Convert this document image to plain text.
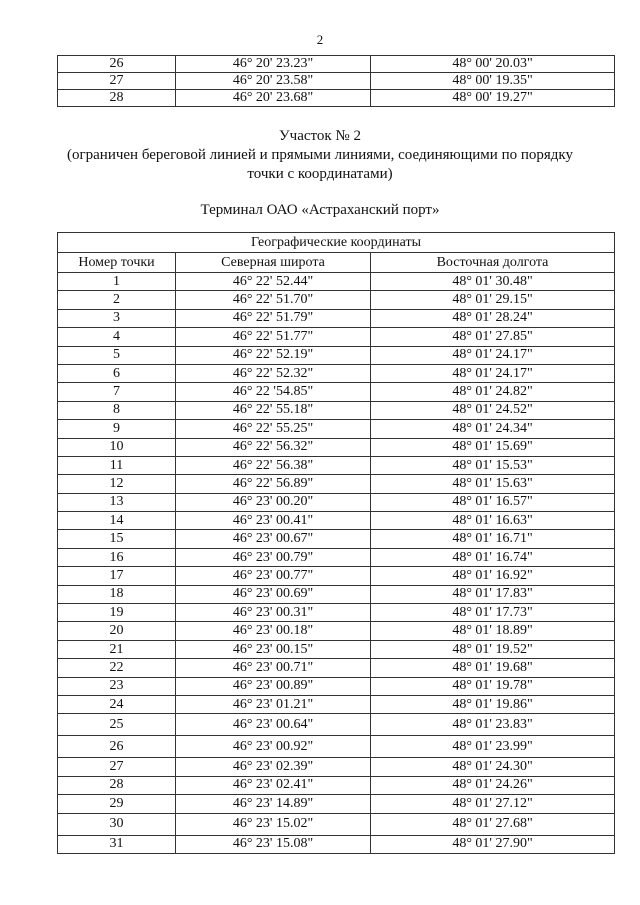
2
26	46° 20' 23.23"	48° 00' 20.03"
27	46° 20' 23.58"	48° 00' 19.35"
28	46° 20' 23.68"	48° 00' 19.27"
Участок № 2
(ограничен береговой линией и прямыми линиями, соединяющими по порядку
точки с координатами)
Терминал ОАО «Астраханский порт»
Географические координаты		
Номер точки	Северная широта	Восточная долгота
1	46° 22' 52.44"	48° 01' 30.48"
2	46° 22' 51.70"	48° 01' 29.15"
3	46° 22' 51.79"	48° 01' 28.24"
4	46° 22' 51.77"	48° 01' 27.85"
5	46° 22' 52.19"	48° 01' 24.17"
6	46° 22' 52.32"	48° 01' 24.17"
7	46° 22 '54.85"	48° 01' 24.82"
8	46° 22' 55.18"	48° 01' 24.52"
9	46° 22' 55.25"	48° 01' 24.34"
10	46° 22' 56.32"	48° 01' 15.69"
11	46° 22' 56.38"	48° 01' 15.53"
12	46° 22' 56.89"	48° 01' 15.63"
13	46° 23' 00.20"	48° 01' 16.57"
14	46° 23' 00.41"	48° 01' 16.63"
15	46° 23' 00.67"	48° 01' 16.71"
16	46° 23' 00.79"	48° 01' 16.74"
17	46° 23' 00.77"	48° 01' 16.92"
18	46° 23' 00.69"	48° 01' 17.83"
19	46° 23' 00.31"	48° 01' 17.73"
20	46° 23' 00.18"	48° 01' 18.89"
21	46° 23' 00.15"	48° 01' 19.52"
22	46° 23' 00.71"	48° 01' 19.68"
23	46° 23' 00.89"	48° 01' 19.78"
24	46° 23' 01.21"	48° 01' 19.86"
25	46° 23' 00.64"	48° 01' 23.83"
26	46° 23' 00.92"	48° 01' 23.99"
27	46° 23' 02.39"	48° 01' 24.30"
28	46° 23' 02.41"	48° 01' 24.26"
29	46° 23' 14.89"	48° 01' 27.12"
30	46° 23' 15.02"	48° 01' 27.68"
31	46° 23' 15.08"	48° 01' 27.90"
